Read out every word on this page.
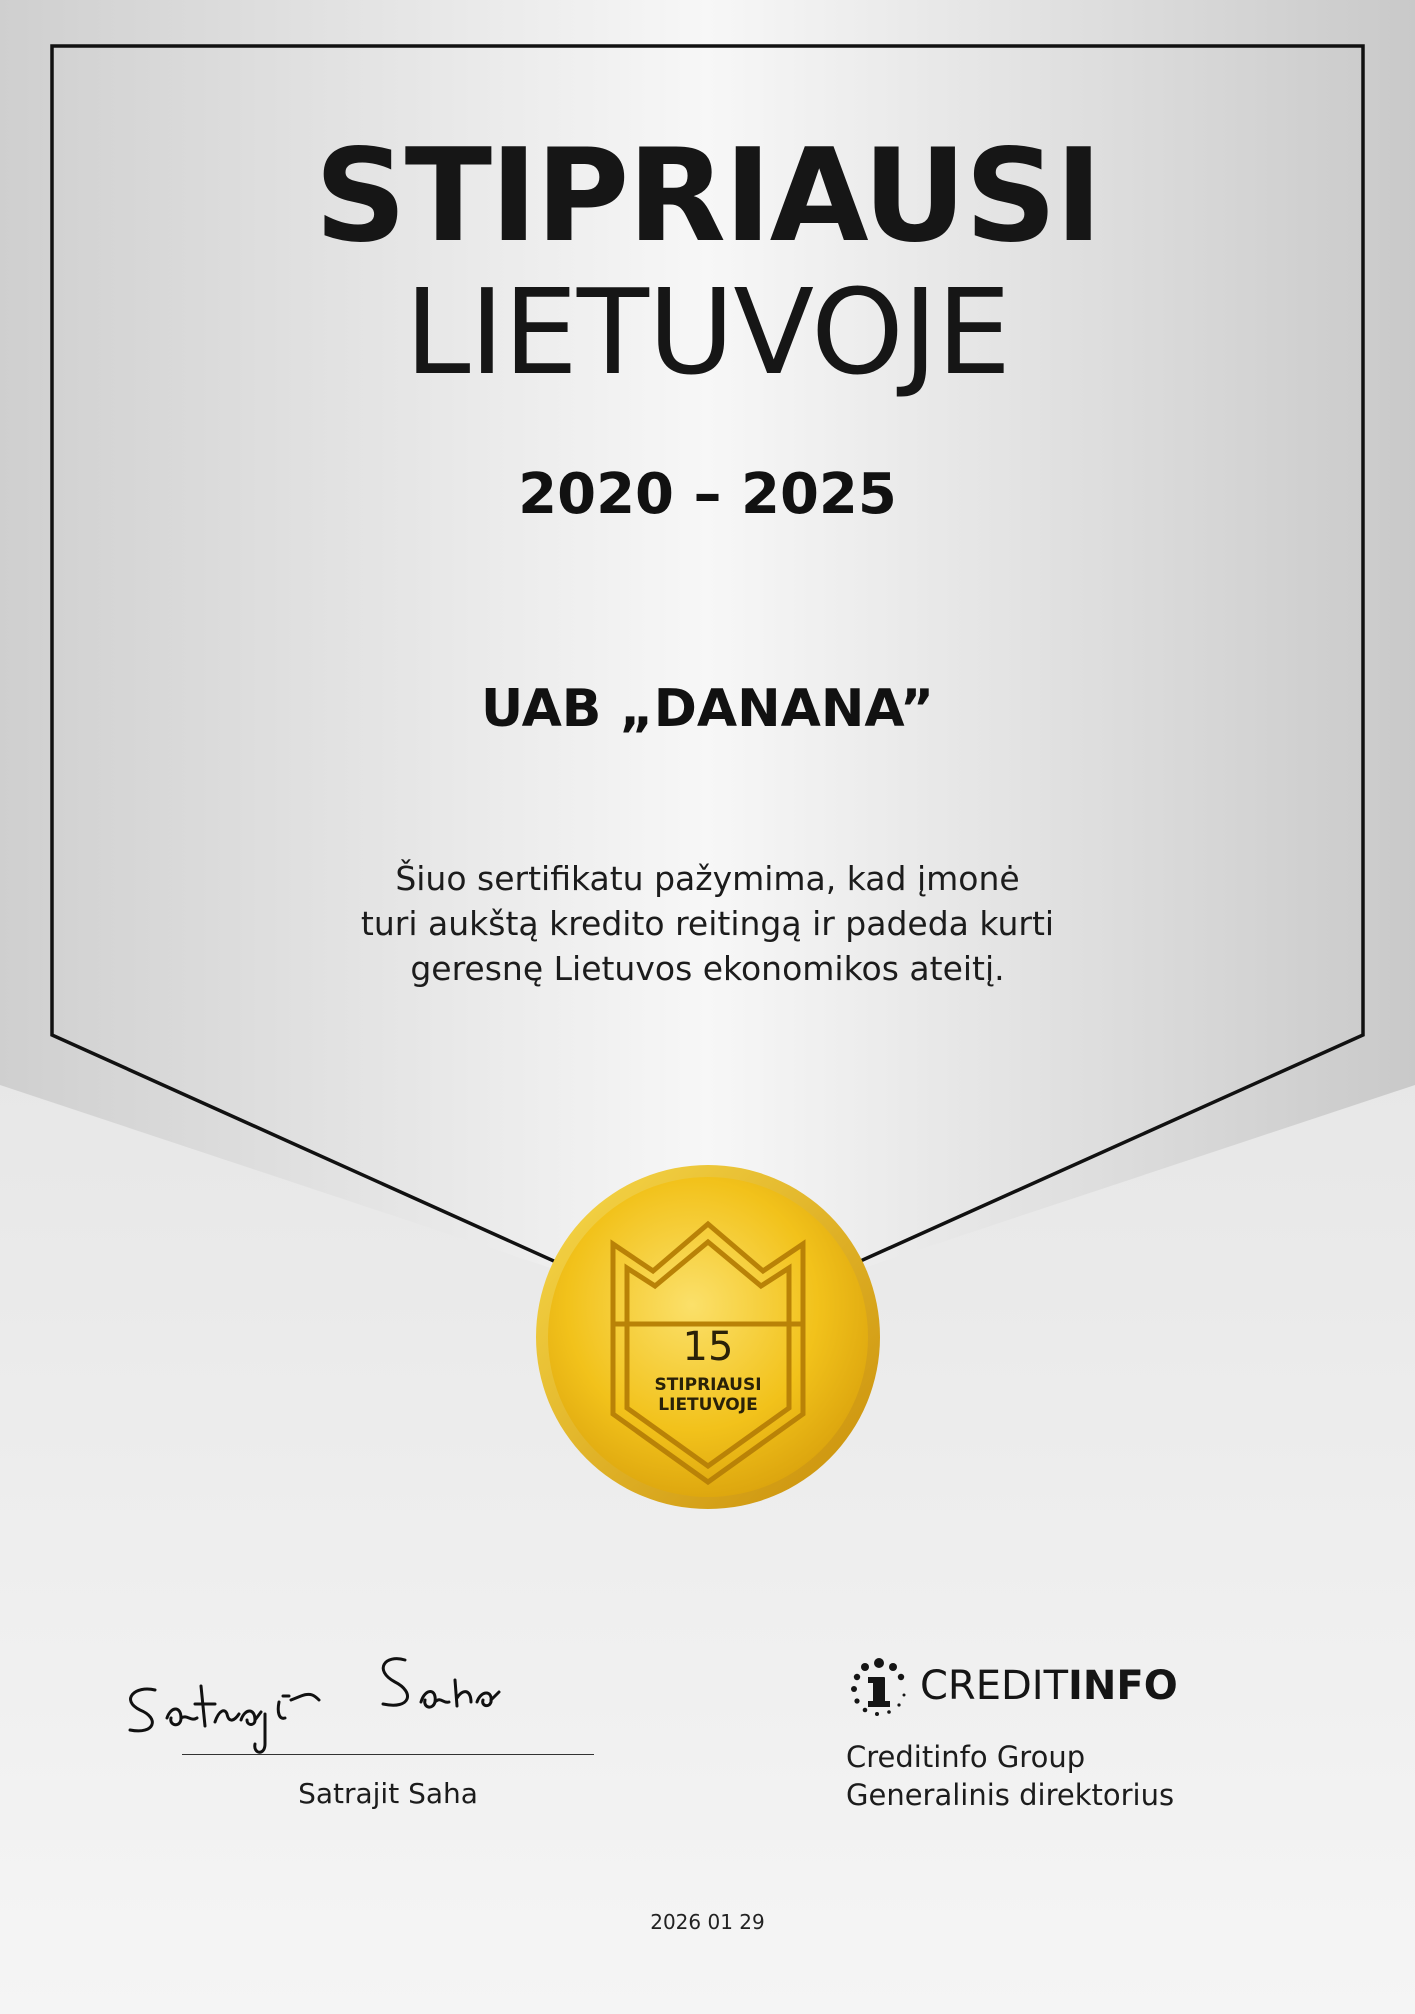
STIPRIAUSI
LIETUVOJE
2020 – 2025
UAB „DANANA”
Šiuo sertifikatu pažymima, kad įmonė
turi aukštą kredito reitingą ir padeda kurti
geresnę Lietuvos ekonomikos ateitį.
15
STIPRIAUSI
LIETUVOJE
Satrajit Saha
CREDITINFO
Creditinfo Group
Generalinis direktorius
2026 01 29
